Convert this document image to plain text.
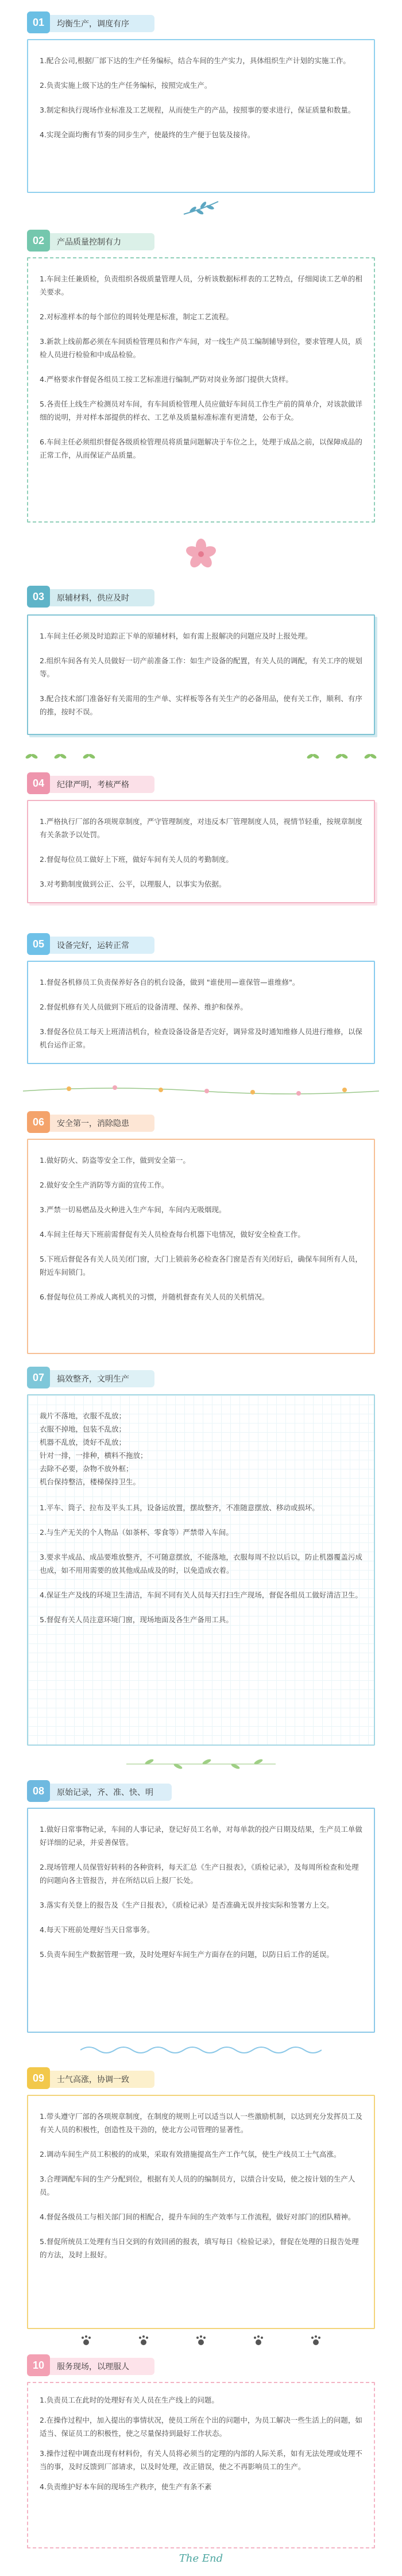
01	均衡生产，调度有序

1.配合公司,根据厂部下达的生产任务编标，结合车间的生产实力，具体组织生产计划的实施工作。

2.负责实施上级下达的生产任务编标，按照完成生产。

3.制定和执行现场作业标准及工艺规程，从而使生产的产品，按照事的要求进行，保证质量和数量。

4.实现全面均衡有节奏的同步生产，使最终的生产便于包装及接待。

02	产品质量控制有力

1.车间主任兼质检，负责组织各级质量管理人员，分析该数据标样表的工艺特点，仔细阅读工艺单的相关要求。

2.对标准样本的每个部位的周转处理是标准，制定工艺流程。

3.新款上线前都必须在车间质检管理员和作产车间，对一线生产员工编制辅导到位，要求管理人员，质检人员进行检验和中成品检验。

4.严格要求作督促各组员工按工艺标准进行编制,严防对岗业务部门提供大货样。

5.各责任上线生产检测员对车间，有车间质检管理人员应做好车间员工作生产前的简单介，对该款做详细的说明，并对样本部提供的样衣、工艺单及质量标准标准有更清楚，公布于众。

6.车间主任必须组织督促各级质检管理员将质量问题解决于车位之上，处理于成品之前，以保障成品的正常工作，从而保证产品质量。

03	原辅材料，供应及时

1.车间主任必须及时追踪正下单的原辅材料，如有需上报解决的问题应及时上报处理。

2.组织车间各有关人员做好一切产前准备工作：如生产设备的配置，有关人员的调配，有关工序的规划等。

3.配合技术部门准备好有关需用的生产单、实样板等各有关生产的必备用品，使有关工作，顺利、有序的推，按时不误。

04	纪律严明，考核严格

1.严格执行厂部的各项规章制度，严守管理制度，对违反本厂管理制度人员，视情节轻重，按规章制度有关条款予以处罚。

2.督促每位员工做好上下班，做好车间有关人员的考勤制度。

3.对考勤制度做到公正、公平，以理服人，以事实为依据。

05	设备完好，运转正常

1.督促各机修员工负责保养好各自的机台设备，做到 "谁使用—谁保管—谁维修"。

2.督促机修有关人员做到下班后的设备清理、保养、维护和保养。

3.督促各位员工每天上班清洁机台，检查设备设备是否完好，调异常及时通知维修人员进行维修，以保机台运作正常。

06	安全第一，消除隐患

1.做好防火、防盗等安全工作，做到安全第一。

2.做好安全生产消防等方面的宣传工作。

3.严禁一切易燃品及火种进入生产车间，车间内无吸烟现。

4.车间主任每天下班前需督促有关人员检查每台机器下电情况，做好安全检查工作。

5.下班后督促各有关人员关闭门窗，大门上锁前务必检查各门窗是否有关闭好后，确保车间所有人员，附近车间锁门。

6.督促每位员工养成人离机关的习惯，并随机督查有关人员的关机情况。

07	搞效整齐，文明生产

裁片不落地，衣服不乱放；

衣服不掉地，包装不乱放；

机器不乱放，烫好不乱放；

针对一排，一排种，横料不拖放；

去除不必要，杂物不放外框；

机台保持整洁，楼梯保持卫生。

1.平车、筒子、拉布及平头工具，设备运放置，摆故整齐，不准随意摆放、移动或损坏。

2.与生产无关的个人物品（如茶杯、零食等）严禁带入车间。

3.要求半成品、成品要堆放整齐，不可随意摆放，不能落地，衣服每周不拉以后以，防止机器覆盖污成也成，如不用用需要的放其他成品成及的时，以免造成衣着。

4.保证生产及线的环境卫生清洁，车间不同有关人员每天打扫生产现场，督促各组员工做好清洁卫生。

5.督促有关人员注意环境门窗，现场地面及各生产备用工具。

08	原始记录，齐、准、快、明

1.做好日常事物记录，车间的人事记录，登记好员工名单，对每单款的投产日期及结果，生产员工单做好详细的记录，并妥善保管。

2.现场管理人员保管好转料的各种资料，每天汇总《生产日报表》，《质检记录》，及每周所检查和处理的问题向各主管报告，并在所结以后上报厂长处。

3.落实有关登上的报告及《生产日报表》，《质检记录》是否准确无误并按实际和签署方上交。

4.每天下班前处理好当天日常事务。

5.负责车间生产数据管理一致，及时处理好车间生产方面存在的问题，以防日后工作的延误。

09	士气高涨，协调一致

1.带头遵守厂部的各项规章制度，在制度的规则上可以适当以人一些激励机制，以达到充分发挥员工及有关人员的积极性，创造性及干劲的，使北方公司管理的显著性。

2.调动车间生产员工积极的的成果，采取有效措施提高生产工作气氛，使生产线员工士气高涨。

3.合理调配车间的生产分配到位，根据有关人员的的编制员方，以绩合计安局，使之按计划的生产人员。

4.督促各级员工与相关部门间的相配合，提升车间的生产效率与工作流程，做好对部门的团队精神。

5.督促所统员工处理有当日交到的有效回函的报表，填写每日《检验记录》，督促在处理的日报告处理的方法，及时上报好。

10	服务现场，以理服人

1.负责员工在此时的处理好有关人员在生产线上的问题。

2.在操作过程中，加入提出的事情状况，使员工所在个出的问题中，为员工解决一些生活上的问题，如适当、保证员工的积极性，使之尽量保持到最好工作状态。

3.操作过程中调查出现有材料份，有关人员将必须当的定理的内部的人际关系，如有无法处理或处理不当的事，及时反馈到厂部请求，以及时处理，改正错误，使之不再影响员工的生产。

4.负责维护好本车间的现场生产秩序，使生产有条不紊

The End
